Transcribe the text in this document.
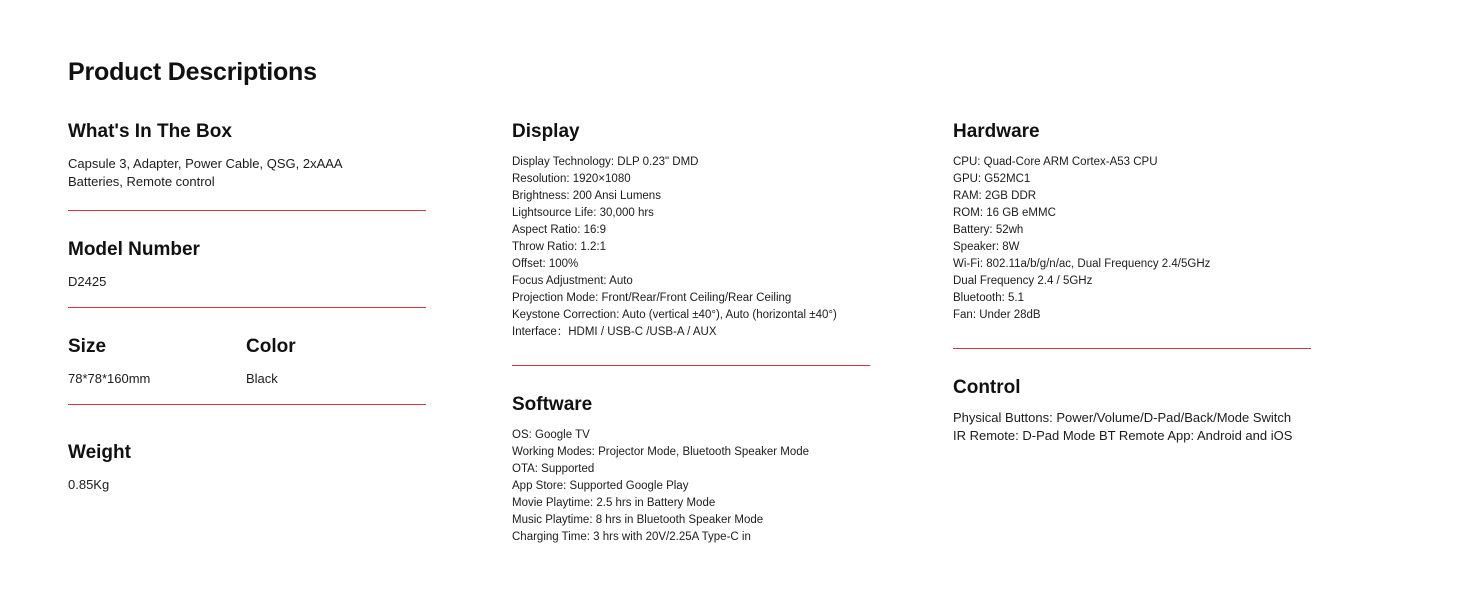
Product Descriptions
What's In The Box
Capsule 3, Adapter, Power Cable, QSG, 2xAAA Batteries, Remote control
Model Number
D2425
Size
78*78*160mm
Color
Black
Weight
0.85Kg
Display
Display Technology: DLP 0.23" DMD
Resolution: 1920×1080
Brightness: 200 Ansi Lumens
Lightsource Life: 30,000 hrs
Aspect Ratio: 16:9
Throw Ratio: 1.2:1
Offset: 100%
Focus Adjustment: Auto
Projection Mode: Front/Rear/Front Ceiling/Rear Ceiling
Keystone Correction: Auto (vertical ±40°), Auto (horizontal ±40°)
Interface：HDMI / USB-C /USB-A / AUX
Software
OS: Google TV
Working Modes: Projector Mode, Bluetooth Speaker Mode
OTA: Supported
App Store: Supported Google Play
Movie Playtime: 2.5 hrs in Battery Mode
Music Playtime: 8 hrs in Bluetooth Speaker Mode
Charging Time: 3 hrs with 20V/2.25A Type-C in
Hardware
CPU: Quad-Core ARM Cortex-A53 CPU
GPU: G52MC1
RAM: 2GB DDR
ROM: 16 GB eMMC
Battery: 52wh
Speaker: 8W
Wi-Fi: 802.11a/b/g/n/ac, Dual Frequency 2.4/5GHz
Dual Frequency 2.4 / 5GHz
Bluetooth: 5.1
Fan: Under 28dB
Control
Physical Buttons: Power/Volume/D-Pad/Back/Mode Switch
IR Remote: D-Pad Mode BT Remote App: Android and iOS
